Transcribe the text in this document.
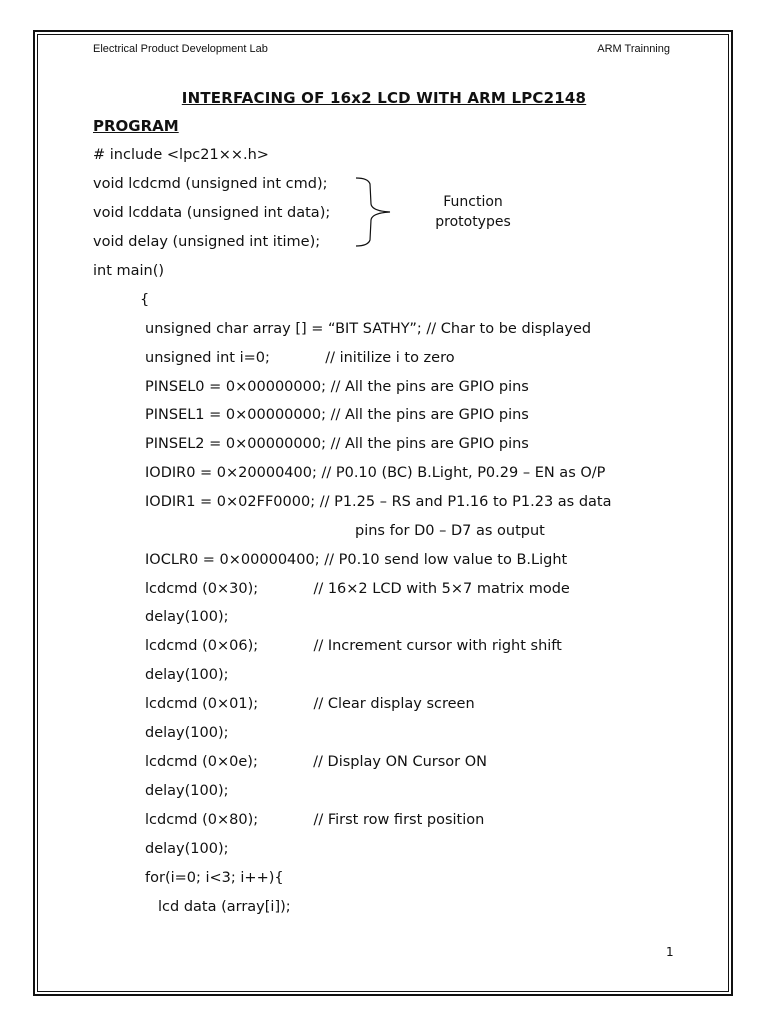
Electrical Product Development Lab	ARM Trainning
INTERFACING OF 16x2 LCD WITH ARM LPC2148
PROGRAM
# include <lpc21××.h>
void lcdcmd (unsigned int cmd);
void lcddata (unsigned int data);
void delay (unsigned int itime);
int main()
{
unsigned char array [] = “BIT SATHY”; // Char to be displayed
unsigned int i=0;            // initilize i to zero
PINSEL0 = 0×00000000; // All the pins are GPIO pins
PINSEL1 = 0×00000000; // All the pins are GPIO pins
PINSEL2 = 0×00000000; // All the pins are GPIO pins
IODIR0 = 0×20000400; // P0.10 (BC) B.Light, P0.29 – EN as O/P
IODIR1 = 0×02FF0000; // P1.25 – RS and P1.16 to P1.23 as data
pins for D0 – D7 as output
IOCLR0 = 0×00000400; // P0.10 send low value to B.Light
lcdcmd (0×30);            // 16×2 LCD with 5×7 matrix mode
delay(100);
lcdcmd (0×06);            // Increment cursor with right shift
delay(100);
lcdcmd (0×01);            // Clear display screen
delay(100);
lcdcmd (0×0e);            // Display ON Cursor ON
delay(100);
lcdcmd (0×80);            // First row first position
delay(100);
for(i=0; i<3; i++){
lcd data (array[i]);
Function
prototypes
1
